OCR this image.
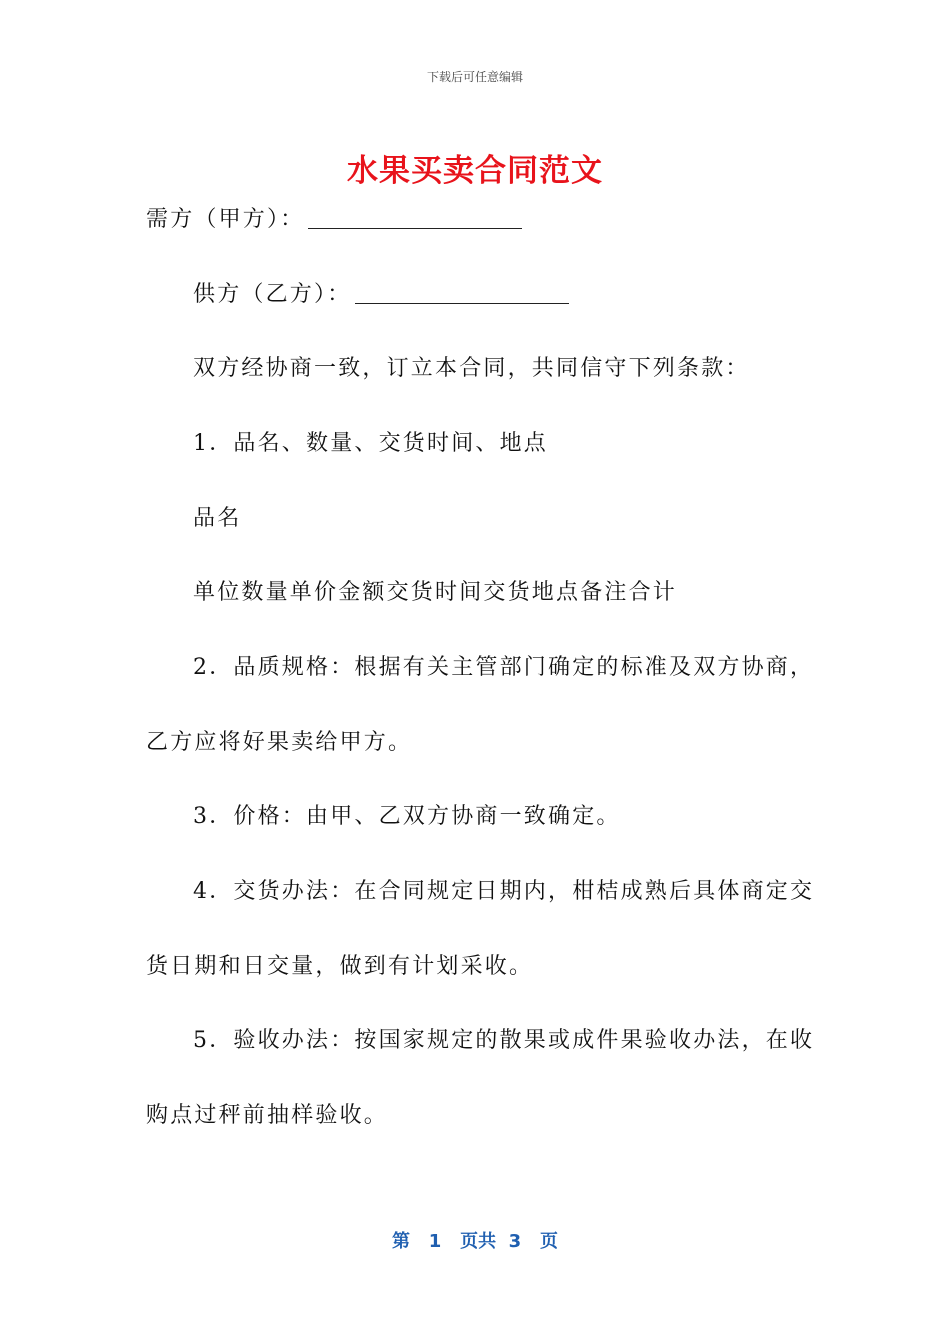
下载后可任意编辑
水果买卖合同范文
需方（甲方）：
供方（乙方）：
双方经协商一致，订立本合同，共同信守下列条款：
1．品名、数量、交货时间、地点
品名
单位数量单价金额交货时间交货地点备注合计
2．品质规格：根据有关主管部门确定的标准及双方协商，
乙方应将好果卖给甲方。
3．价格：由甲、乙双方协商一致确定。
4．交货办法：在合同规定日期内，柑桔成熟后具体商定交
货日期和日交量，做到有计划采收。
5．验收办法：按国家规定的散果或成件果验收办法，在收
购点过秤前抽样验收。
第 1 页共 3 页
